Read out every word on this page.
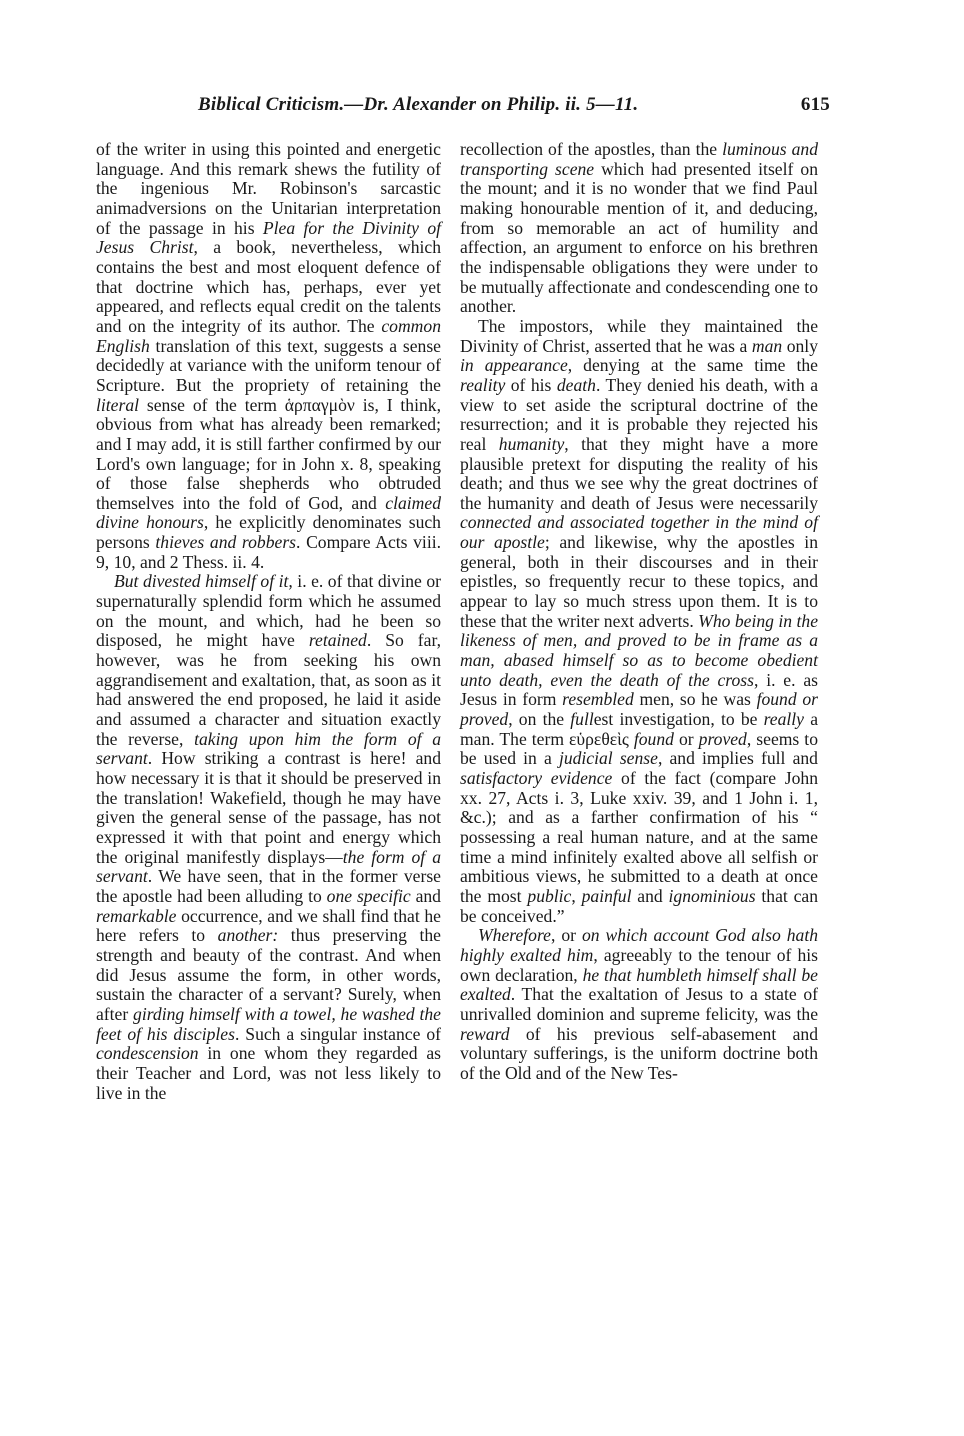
Biblical Criticism.—Dr. Alexander on Philip. ii. 5—11.	615

of the writer in using this pointed and energetic language. And this remark shews the futility of the ingenious Mr. Robinson's sarcastic animadversions on the Unitarian interpretation of the passage in his Plea for the Divinity of Jesus Christ, a book, nevertheless, which contains the best and most eloquent defence of that doctrine which has, perhaps, ever yet appeared, and reflects equal credit on the talents and on the integrity of its author. The common English translation of this text, suggests a sense decidedly at variance with the uniform tenour of Scripture. But the propriety of retaining the literal sense of the term ἁρπαγμὸν is, I think, obvious from what has already been remarked; and I may add, it is still farther confirmed by our Lord's own language; for in John x. 8, speaking of those false shepherds who obtruded themselves into the fold of God, and claimed divine honours, he explicitly denominates such persons thieves and robbers. Compare Acts viii. 9, 10, and 2 Thess. ii. 4.

But divested himself of it, i. e. of that divine or supernaturally splendid form which he assumed on the mount, and which, had he been so disposed, he might have retained. So far, however, was he from seeking his own aggrandisement and exaltation, that, as soon as it had answered the end proposed, he laid it aside and assumed a character and situation exactly the reverse, taking upon him the form of a servant. How striking a contrast is here! and how necessary it is that it should be preserved in the translation! Wakefield, though he may have given the general sense of the passage, has not expressed it with that point and energy which the original manifestly displays—the form of a servant. We have seen, that in the former verse the apostle had been alluding to one specific and remarkable occurrence, and we shall find that he here refers to another: thus preserving the strength and beauty of the contrast. And when did Jesus assume the form, in other words, sustain the character of a servant? Surely, when after girding himself with a towel, he washed the feet of his disciples. Such a singular instance of condescension in one whom they regarded as their Teacher and Lord, was not less likely to live in the

recollection of the apostles, than the luminous and transporting scene which had presented itself on the mount; and it is no wonder that we find Paul making honourable mention of it, and deducing, from so memorable an act of humility and affection, an argument to enforce on his brethren the indispensable obligations they were under to be mutually affectionate and condescending one to another.

The impostors, while they maintained the Divinity of Christ, asserted that he was a man only in appearance, denying at the same time the reality of his death. They denied his death, with a view to set aside the scriptural doctrine of the resurrection; and it is probable they rejected his real humanity, that they might have a more plausible pretext for disputing the reality of his death; and thus we see why the great doctrines of the humanity and death of Jesus were necessarily connected and associated together in the mind of our apostle; and likewise, why the apostles in general, both in their discourses and in their epistles, so frequently recur to these topics, and appear to lay so much stress upon them. It is to these that the writer next adverts. Who being in the likeness of men, and proved to be in frame as a man, abased himself so as to become obedient unto death, even the death of the cross, i. e. as Jesus in form resembled men, so he was found or proved, on the fullest investigation, to be really a man. The term εὑρεθεὶς found or proved, seems to be used in a judicial sense, and implies full and satisfactory evidence of the fact (compare John xx. 27, Acts i. 3, Luke xxiv. 39, and 1 John i. 1, &c.); and as a farther confirmation of his “ possessing a real human nature, and at the same time a mind infinitely exalted above all selfish or ambitious views, he submitted to a death at once the most public, painful and ignominious that can be conceived.”

Wherefore, or on which account God also hath highly exalted him, agreeably to the tenour of his own declaration, he that humbleth himself shall be exalted. That the exaltation of Jesus to a state of unrivalled dominion and supreme felicity, was the reward of his previous self-abasement and voluntary sufferings, is the uniform doctrine both of the Old and of the New Tes-
